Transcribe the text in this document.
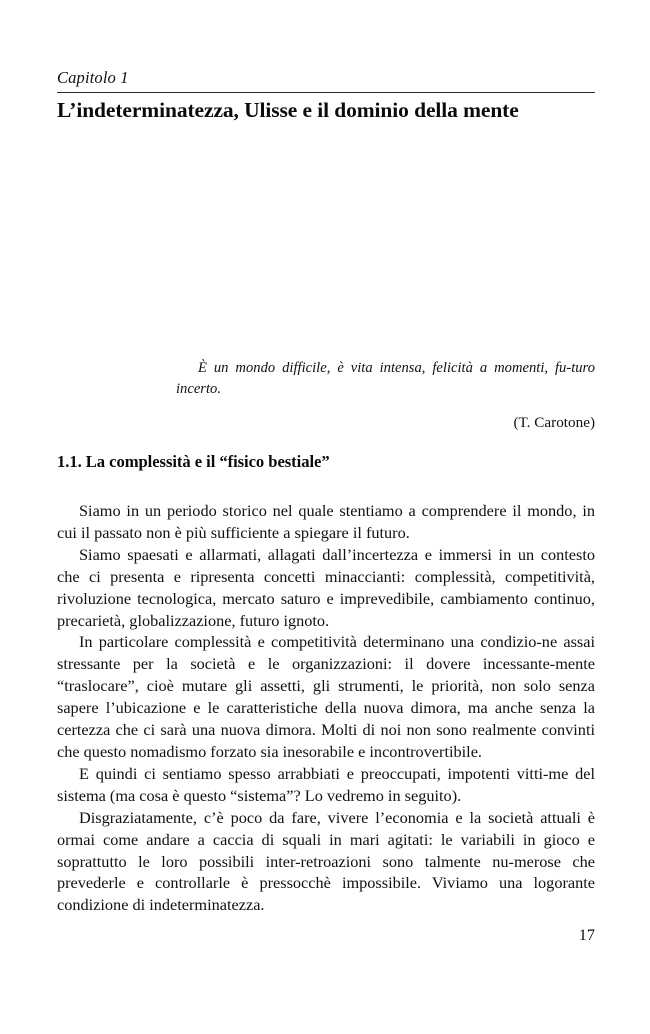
Capitolo 1
L’indeterminatezza, Ulisse e il dominio della mente
È un mondo difficile, è vita intensa, felicità a momenti, fu-​turo incerto.
(T. Carotone)
1.1. La complessità e il “fisico bestiale”

Siamo in un periodo storico nel quale stentiamo a comprendere il mondo, in cui il passato non è più sufficiente a spiegare il futuro.

Siamo spaesati e allarmati, allagati dall’incertezza e immersi in un contesto che ci presenta e ripresenta concetti minaccianti: complessità, competitività, rivoluzione tecnologica, mercato saturo e imprevedibile, cambiamento continuo, precarietà, globalizzazione, futuro ignoto.

In particolare complessità e competitività determinano una condizio-ne assai stressante per la società e le organizzazioni: il dovere incessante-mente “traslocare”, cioè mutare gli assetti, gli strumenti, le priorità, non solo senza sapere l’ubicazione e le caratteristiche della nuova dimora, ma anche senza la certezza che ci sarà una nuova dimora. Molti di noi non sono realmente convinti che questo nomadismo forzato sia inesorabile e incontrovertibile.

E quindi ci sentiamo spesso arrabbiati e preoccupati, impotenti vitti-me del sistema (ma cosa è questo “sistema”? Lo vedremo in seguito).

Disgraziatamente, c’è poco da fare, vivere l’economia e la società attuali è ormai come andare a caccia di squali in mari agitati: le variabili in gioco e soprattutto le loro possibili inter-retroazioni sono talmente nu-merose che prevederle e controllarle è pressocchè impossibile. Viviamo una logorante condizione di indeterminatezza.

17
